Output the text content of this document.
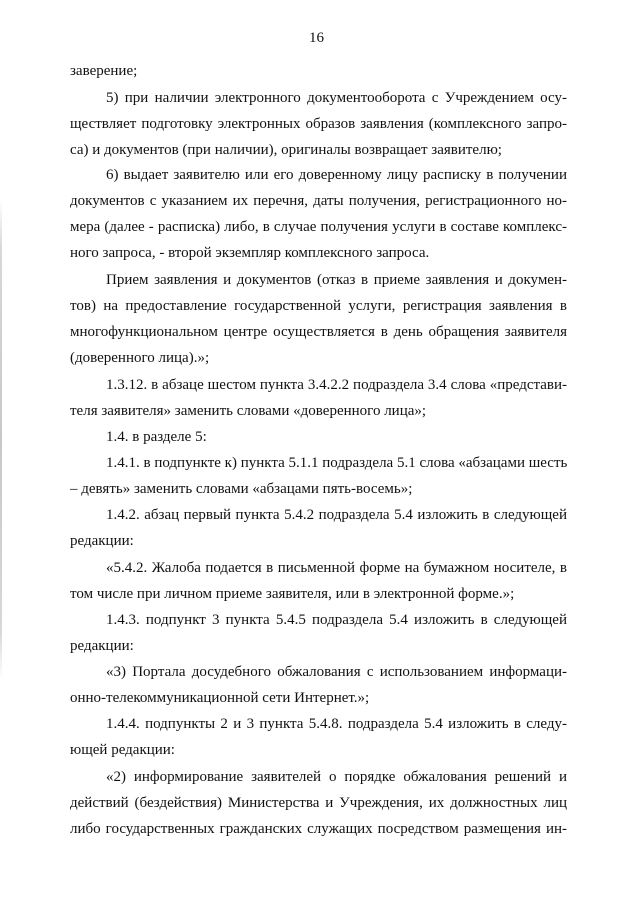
16
заверение;
5) при наличии электронного документооборота с Учреждением осу-
ществляет подготовку электронных образов заявления (комплексного запро-
са) и документов (при наличии), оригиналы возвращает заявителю;
6) выдает заявителю или его доверенному лицу расписку в получении
документов с указанием их перечня, даты получения, регистрационного но-
мера (далее - расписка) либо, в случае получения услуги в составе комплекс-
ного запроса, - второй экземпляр комплексного запроса.
Прием заявления и документов (отказ в приеме заявления и докумен-
тов) на предоставление государственной услуги, регистрация заявления в
многофункциональном центре осуществляется в день обращения заявителя
(доверенного лица).»;
1.3.12. в абзаце шестом пункта 3.4.2.2 подраздела 3.4 слова «представи-
теля заявителя» заменить словами «доверенного лица»;
1.4. в разделе 5:
1.4.1. в подпункте к) пункта 5.1.1 подраздела 5.1 слова «абзацами шесть
– девять» заменить словами «абзацами пять-восемь»;
1.4.2. абзац первый пункта 5.4.2 подраздела 5.4 изложить в следующей
редакции:
«5.4.2. Жалоба подается в письменной форме на бумажном носителе, в
том числе при личном приеме заявителя, или в электронной форме.»;
1.4.3. подпункт 3 пункта 5.4.5 подраздела 5.4 изложить в следующей
редакции:
«3) Портала досудебного обжалования с использованием информаци-
онно-телекоммуникационной сети Интернет.»;
1.4.4. подпункты 2 и 3 пункта 5.4.8. подраздела 5.4 изложить в следу-
ющей редакции:
«2) информирование заявителей о порядке обжалования решений и
действий (бездействия) Министерства и Учреждения, их должностных лиц
либо государственных гражданских служащих посредством размещения ин-
